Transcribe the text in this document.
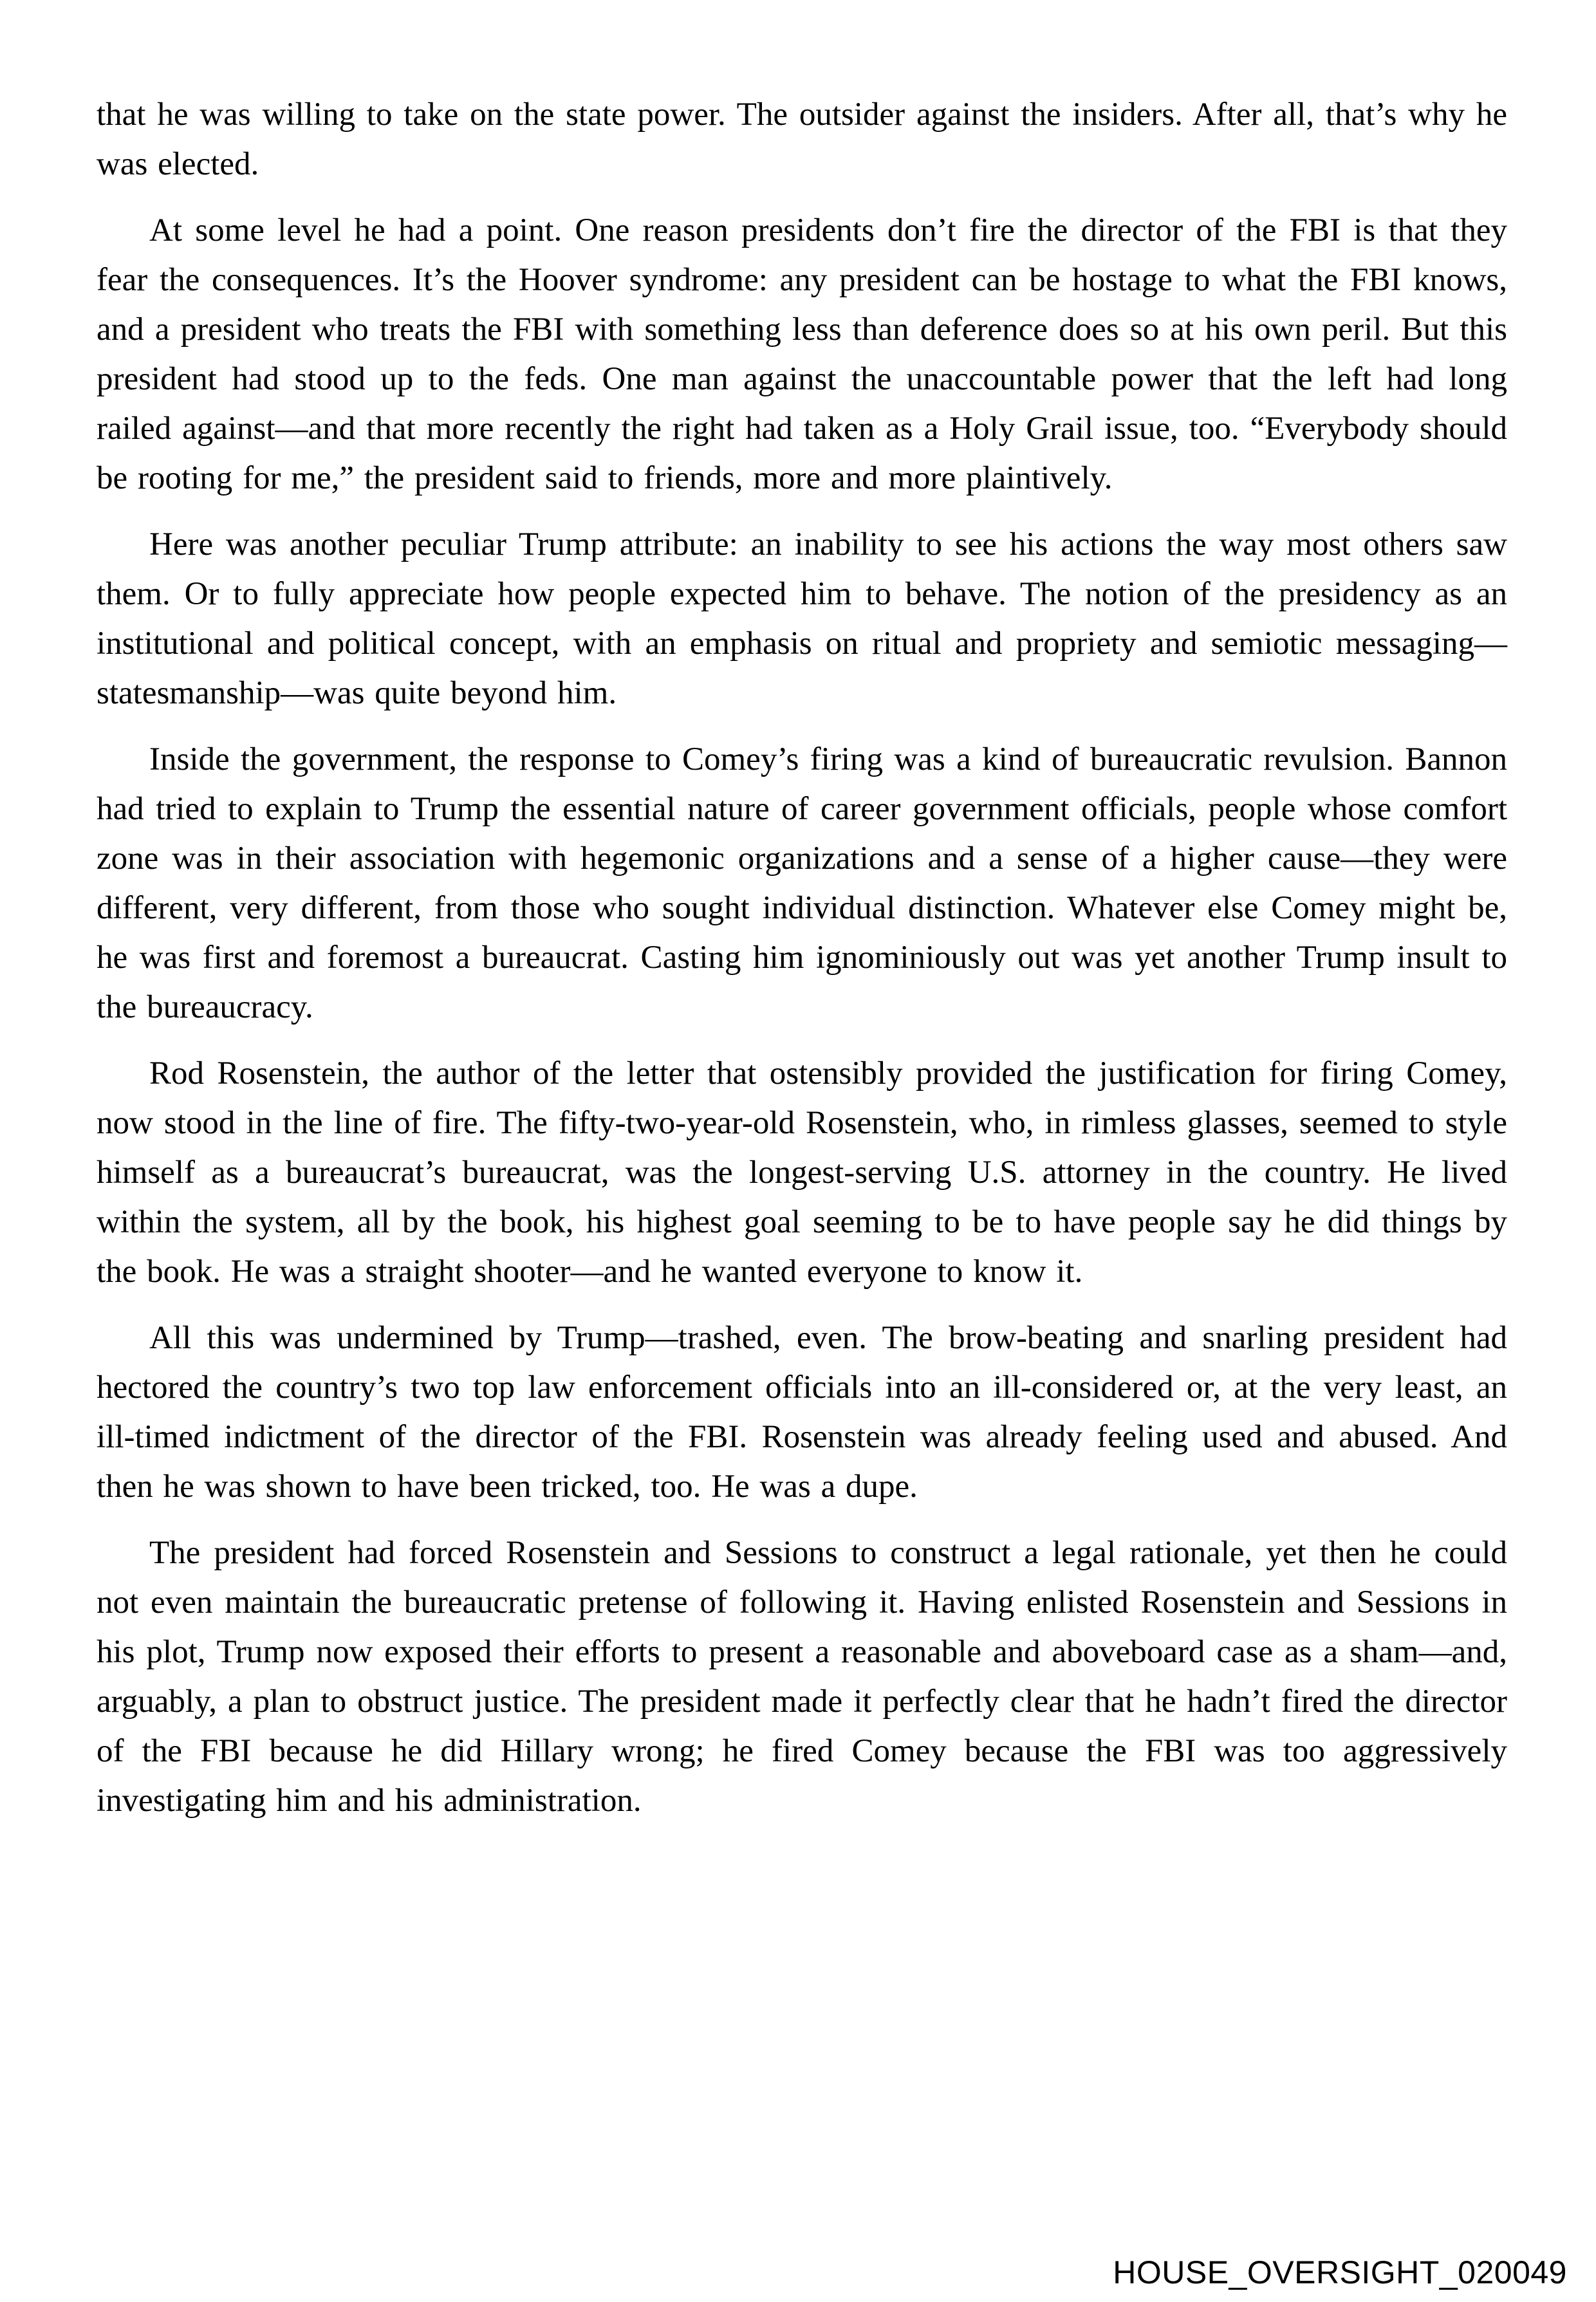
that he was willing to take on the state power. The outsider against the insiders. After all, that’s why he was elected.

At some level he had a point. One reason presidents don’t fire the director of the FBI is that they fear the consequences. It’s the Hoover syndrome: any president can be hostage to what the FBI knows, and a president who treats the FBI with something less than deference does so at his own peril. But this president had stood up to the feds. One man against the unaccountable power that the left had long railed against—and that more recently the right had taken as a Holy Grail issue, too. “Everybody should be rooting for me,” the president said to friends, more and more plaintively.

Here was another peculiar Trump attribute: an inability to see his actions the way most others saw them. Or to fully appreciate how people expected him to behave. The notion of the presidency as an institutional and political concept, with an emphasis on ritual and propriety and semiotic messaging—statesmanship—was quite beyond him.

Inside the government, the response to Comey’s firing was a kind of bureaucratic revulsion. Bannon had tried to explain to Trump the essential nature of career government officials, people whose comfort zone was in their association with hegemonic organizations and a sense of a higher cause—they were different, very different, from those who sought individual distinction. Whatever else Comey might be, he was first and foremost a bureaucrat. Casting him ignominiously out was yet another Trump insult to the bureaucracy.

Rod Rosenstein, the author of the letter that ostensibly provided the justification for firing Comey, now stood in the line of fire. The fifty-two-year-old Rosenstein, who, in rimless glasses, seemed to style himself as a bureaucrat’s bureaucrat, was the longest-serving U.S. attorney in the country. He lived within the system, all by the book, his highest goal seeming to be to have people say he did things by the book. He was a straight shooter—and he wanted everyone to know it.

All this was undermined by Trump—trashed, even. The brow-beating and snarling president had hectored the country’s two top law enforcement officials into an ill-considered or, at the very least, an ill-timed indictment of the director of the FBI. Rosenstein was already feeling used and abused. And then he was shown to have been tricked, too. He was a dupe.

The president had forced Rosenstein and Sessions to construct a legal rationale, yet then he could not even maintain the bureaucratic pretense of following it. Having enlisted Rosenstein and Sessions in his plot, Trump now exposed their efforts to present a reasonable and aboveboard case as a sham—and, arguably, a plan to obstruct justice. The president made it perfectly clear that he hadn’t fired the director of the FBI because he did Hillary wrong; he fired Comey because the FBI was too aggressively investigating him and his administration.

HOUSE_OVERSIGHT_020049
